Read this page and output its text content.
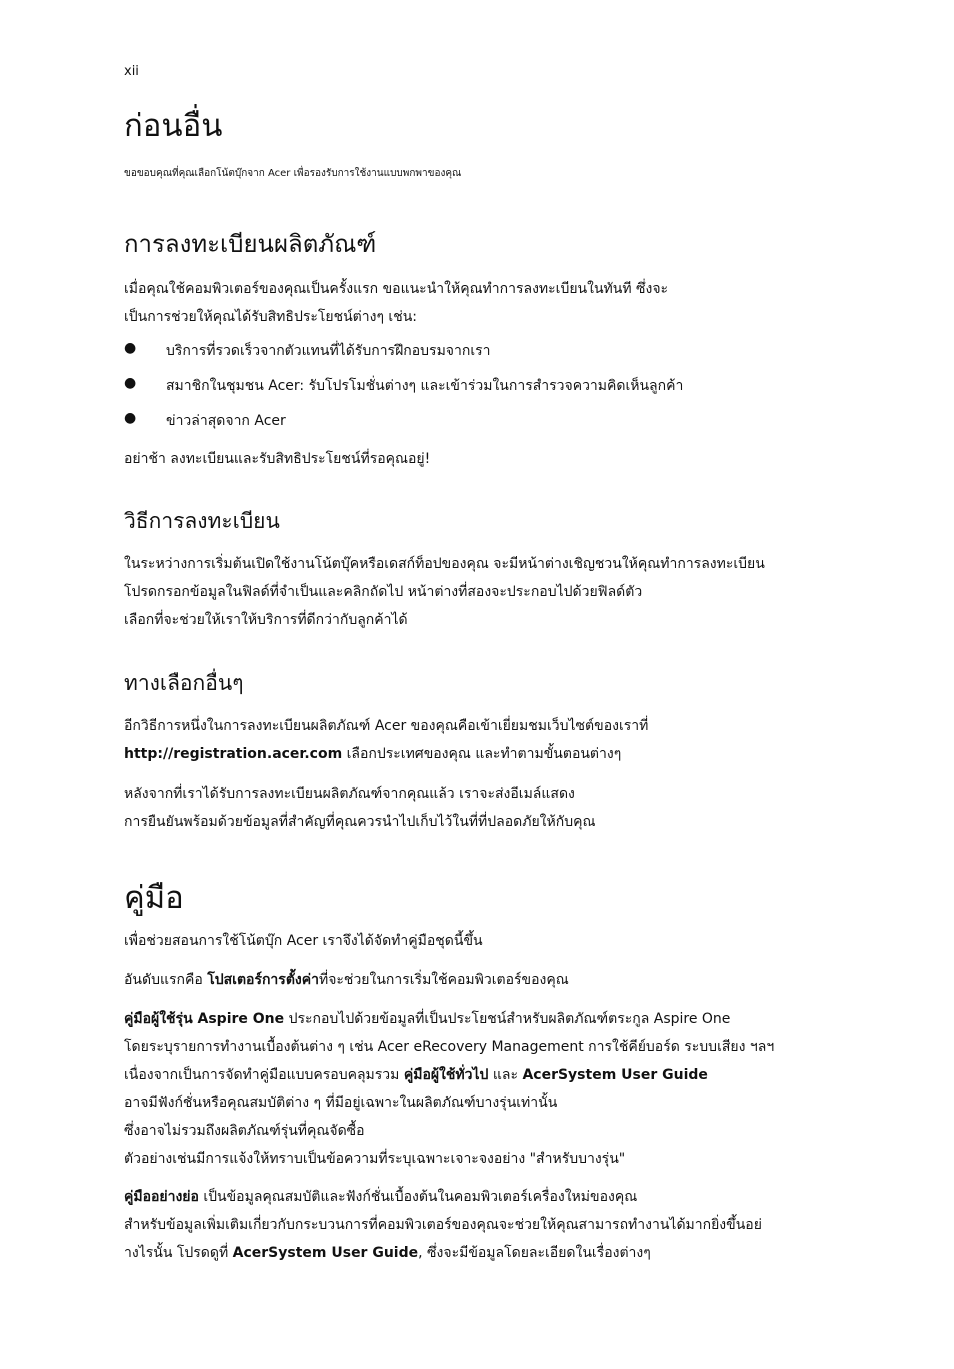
xii
ก่อนอื่น
ขอขอบคุณที่คุณเลือกโน้ตบุ๊กจาก Acer เพื่อรองรับการใช้งานแบบพกพาของคุณ
การลงทะเบียนผลิตภัณฑ์
เมื่อคุณใช้คอมพิวเตอร์ของคุณเป็นครั้งแรก ขอแนะนำให้คุณทำการลงทะเบียนในทันที ซึ่งจะ
เป็นการช่วยให้คุณได้รับสิทธิประโยชน์ต่างๆ เช่น:
● บริการที่รวดเร็วจากตัวแทนที่ได้รับการฝึกอบรมจากเรา
● สมาชิกในชุมชน Acer: รับโปรโมชั่นต่างๆ และเข้าร่วมในการสำรวจความคิดเห็นลูกค้า
● ข่าวล่าสุดจาก Acer
อย่าช้า ลงทะเบียนและรับสิทธิประโยชน์ที่รอคุณอยู่!
วิธีการลงทะเบียน
ในระหว่างการเริ่มต้นเปิดใช้งานโน้ตบุ๊คหรือเดสก์ท็อปของคุณ จะมีหน้าต่างเชิญชวนให้คุณทำการลงทะเบียน
โปรดกรอกข้อมูลในฟิลด์ที่จำเป็นและคลิกถัดไป หน้าต่างที่สองจะประกอบไปด้วยฟิลด์ตัว
เลือกที่จะช่วยให้เราให้บริการที่ดีกว่ากับลูกค้าได้
ทางเลือกอื่นๆ
อีกวิธีการหนึ่งในการลงทะเบียนผลิตภัณฑ์ Acer ของคุณคือเข้าเยี่ยมชมเว็บไซต์ของเราที่
http://registration.acer.com เลือกประเทศของคุณ และทำตามขั้นตอนต่างๆ
หลังจากที่เราได้รับการลงทะเบียนผลิตภัณฑ์จากคุณแล้ว เราจะส่งอีเมล์แสดง
การยืนยันพร้อมด้วยข้อมูลที่สำคัญที่คุณควรนำไปเก็บไว้ในที่ที่ปลอดภัยให้กับคุณ
คู่มือ
เพื่อช่วยสอนการใช้โน้ตบุ๊ก Acer เราจึงได้จัดทำคู่มือชุดนี้ขึ้น
อันดับแรกคือ โปสเตอร์การตั้งค่าที่จะช่วยในการเริ่มใช้คอมพิวเตอร์ของคุณ
คู่มือผู้ใช้รุ่น Aspire One ประกอบไปด้วยข้อมูลที่เป็นประโยชน์สำหรับผลิตภัณฑ์ตระกูล Aspire One
โดยระบุรายการทำงานเบื้องต้นต่าง ๆ เช่น Acer eRecovery Management การใช้คีย์บอร์ด ระบบเสียง ฯลฯ
เนื่องจากเป็นการจัดทำคู่มือแบบครอบคลุมรวม คู่มือผู้ใช้ทั่วไป และ AcerSystem User Guide
อาจมีฟังก์ชั่นหรือคุณสมบัติต่าง ๆ ที่มีอยู่เฉพาะในผลิตภัณฑ์บางรุ่นเท่านั้น
ซึ่งอาจไม่รวมถึงผลิตภัณฑ์รุ่นที่คุณจัดซื้อ
ตัวอย่างเช่นมีการแจ้งให้ทราบเป็นข้อความที่ระบุเฉพาะเจาะจงอย่าง "สำหรับบางรุ่น"
คู่มืออย่างย่อ เป็นข้อมูลคุณสมบัติและฟังก์ชั่นเบื้องต้นในคอมพิวเตอร์เครื่องใหม่ของคุณ
สำหรับข้อมูลเพิ่มเติมเกี่ยวกับกระบวนการที่คอมพิวเตอร์ของคุณจะช่วยให้คุณสามารถทำงานได้มากยิ่งขึ้นอย่
างไรนั้น โปรดดูที่ AcerSystem User Guide, ซึ่งจะมีข้อมูลโดยละเอียดในเรื่องต่างๆ
